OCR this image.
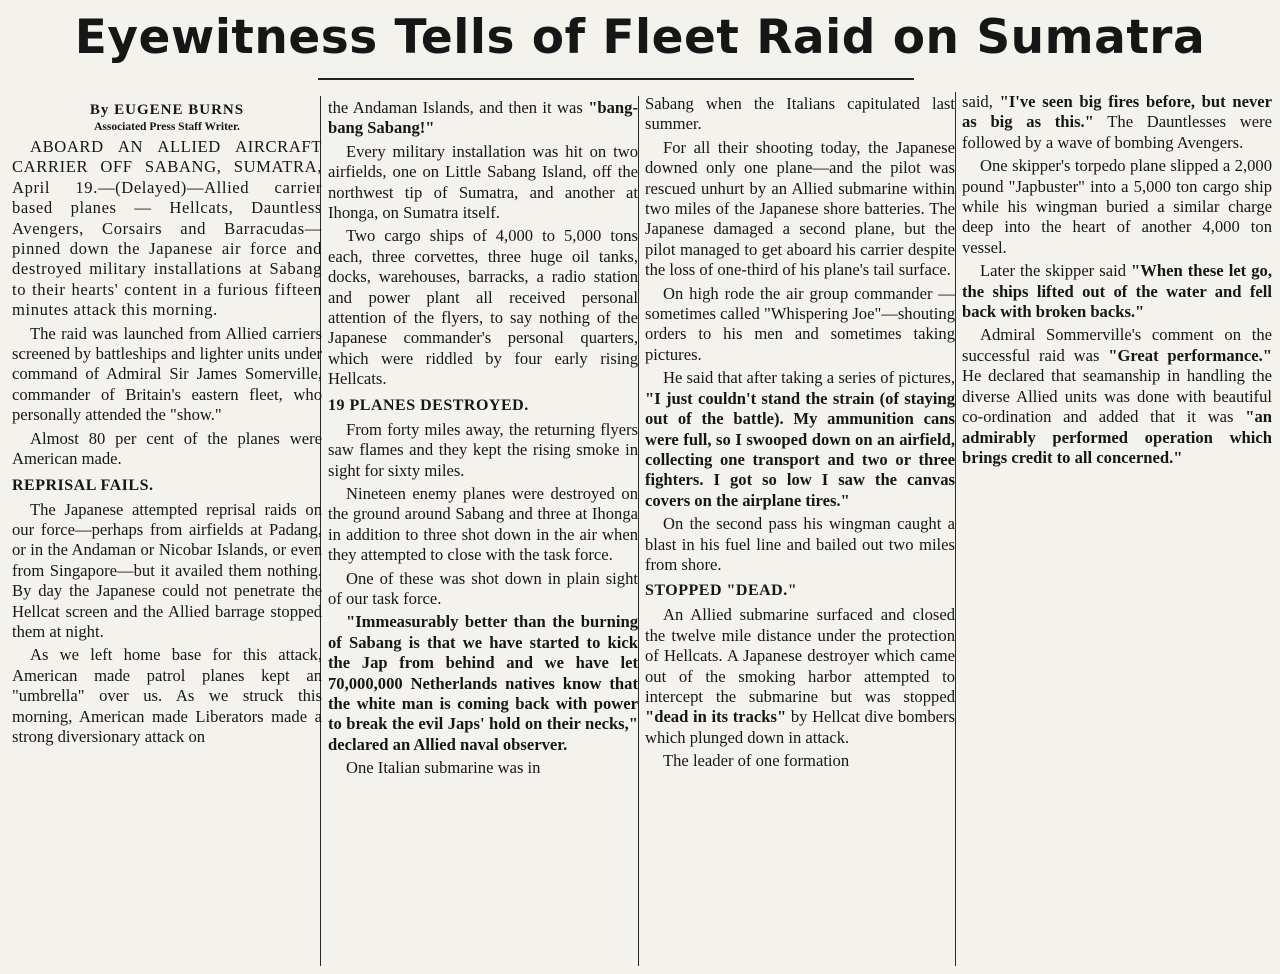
Eyewitness Tells of Fleet Raid on Sumatra
By EUGENE BURNS
Associated Press Staff Writer.

ABOARD AN ALLIED AIRCRAFT CARRIER OFF SABANG, SUMATRA, April 19.—(Delayed)—Allied carrier based planes — Hellcats, Dauntless Avengers, Corsairs and Barracudas—pinned down the Japanese air force and destroyed military installations at Sabang to their hearts' content in a furious fifteen minutes attack this morning.

The raid was launched from Allied carriers screened by battleships and lighter units under command of Admiral Sir James Somerville, commander of Britain's eastern fleet, who personally attended the "show."

Almost 80 per cent of the planes were American made.

REPRISAL FAILS.

The Japanese attempted reprisal raids on our force—perhaps from airfields at Padang, or in the Andaman or Nicobar Islands, or even from Singapore—but it availed them nothing. By day the Japanese could not penetrate the Hellcat screen and the Allied barrage stopped them at night.

As we left home base for this attack, American made patrol planes kept an "umbrella" over us. As we struck this morning, American made Liberators made a strong diversionary attack on

the Andaman Islands, and then it was "bang-bang Sabang!"

Every military installation was hit on two airfields, one on Little Sabang Island, off the northwest tip of Sumatra, and another at Ihonga, on Sumatra itself.

Two cargo ships of 4,000 to 5,000 tons each, three corvettes, three huge oil tanks, docks, warehouses, barracks, a radio station and power plant all received personal attention of the flyers, to say nothing of the Japanese commander's personal quarters, which were riddled by four early rising Hellcats.

19 PLANES DESTROYED.

From forty miles away, the returning flyers saw flames and they kept the rising smoke in sight for sixty miles.

Nineteen enemy planes were destroyed on the ground around Sabang and three at Ihonga in addition to three shot down in the air when they attempted to close with the task force.

One of these was shot down in plain sight of our task force.

"Immeasurably better than the burning of Sabang is that we have started to kick the Jap from behind and we have let 70,000,000 Netherlands natives know that the white man is coming back with power to break the evil Japs' hold on their necks," declared an Allied naval observer.

One Italian submarine was in

Sabang when the Italians capitulated last summer.

For all their shooting today, the Japanese downed only one plane—and the pilot was rescued unhurt by an Allied submarine within two miles of the Japanese shore batteries. The Japanese damaged a second plane, but the pilot managed to get aboard his carrier despite the loss of one-third of his plane's tail surface.

On high rode the air group commander — sometimes called "Whispering Joe"—shouting orders to his men and sometimes taking pictures.

He said that after taking a series of pictures, "I just couldn't stand the strain (of staying out of the battle). My ammunition cans were full, so I swooped down on an airfield, collecting one transport and two or three fighters. I got so low I saw the canvas covers on the airplane tires."

On the second pass his wingman caught a blast in his fuel line and bailed out two miles from shore.

STOPPED "DEAD."

An Allied submarine surfaced and closed the twelve mile distance under the protection of Hellcats. A Japanese destroyer which came out of the smoking harbor attempted to intercept the submarine but was stopped "dead in its tracks" by Hellcat dive bombers which plunged down in attack.

The leader of one formation

said, "I've seen big fires before, but never as big as this." The Dauntlesses were followed by a wave of bombing Avengers.

One skipper's torpedo plane slipped a 2,000 pound "Japbuster" into a 5,000 ton cargo ship while his wingman buried a similar charge deep into the heart of another 4,000 ton vessel.

Later the skipper said "When these let go, the ships lifted out of the water and fell back with broken backs."

Admiral Sommerville's comment on the successful raid was "Great performance." He declared that seamanship in handling the diverse Allied units was done with beautiful co-ordination and added that it was "an admirably performed operation which brings credit to all concerned."
